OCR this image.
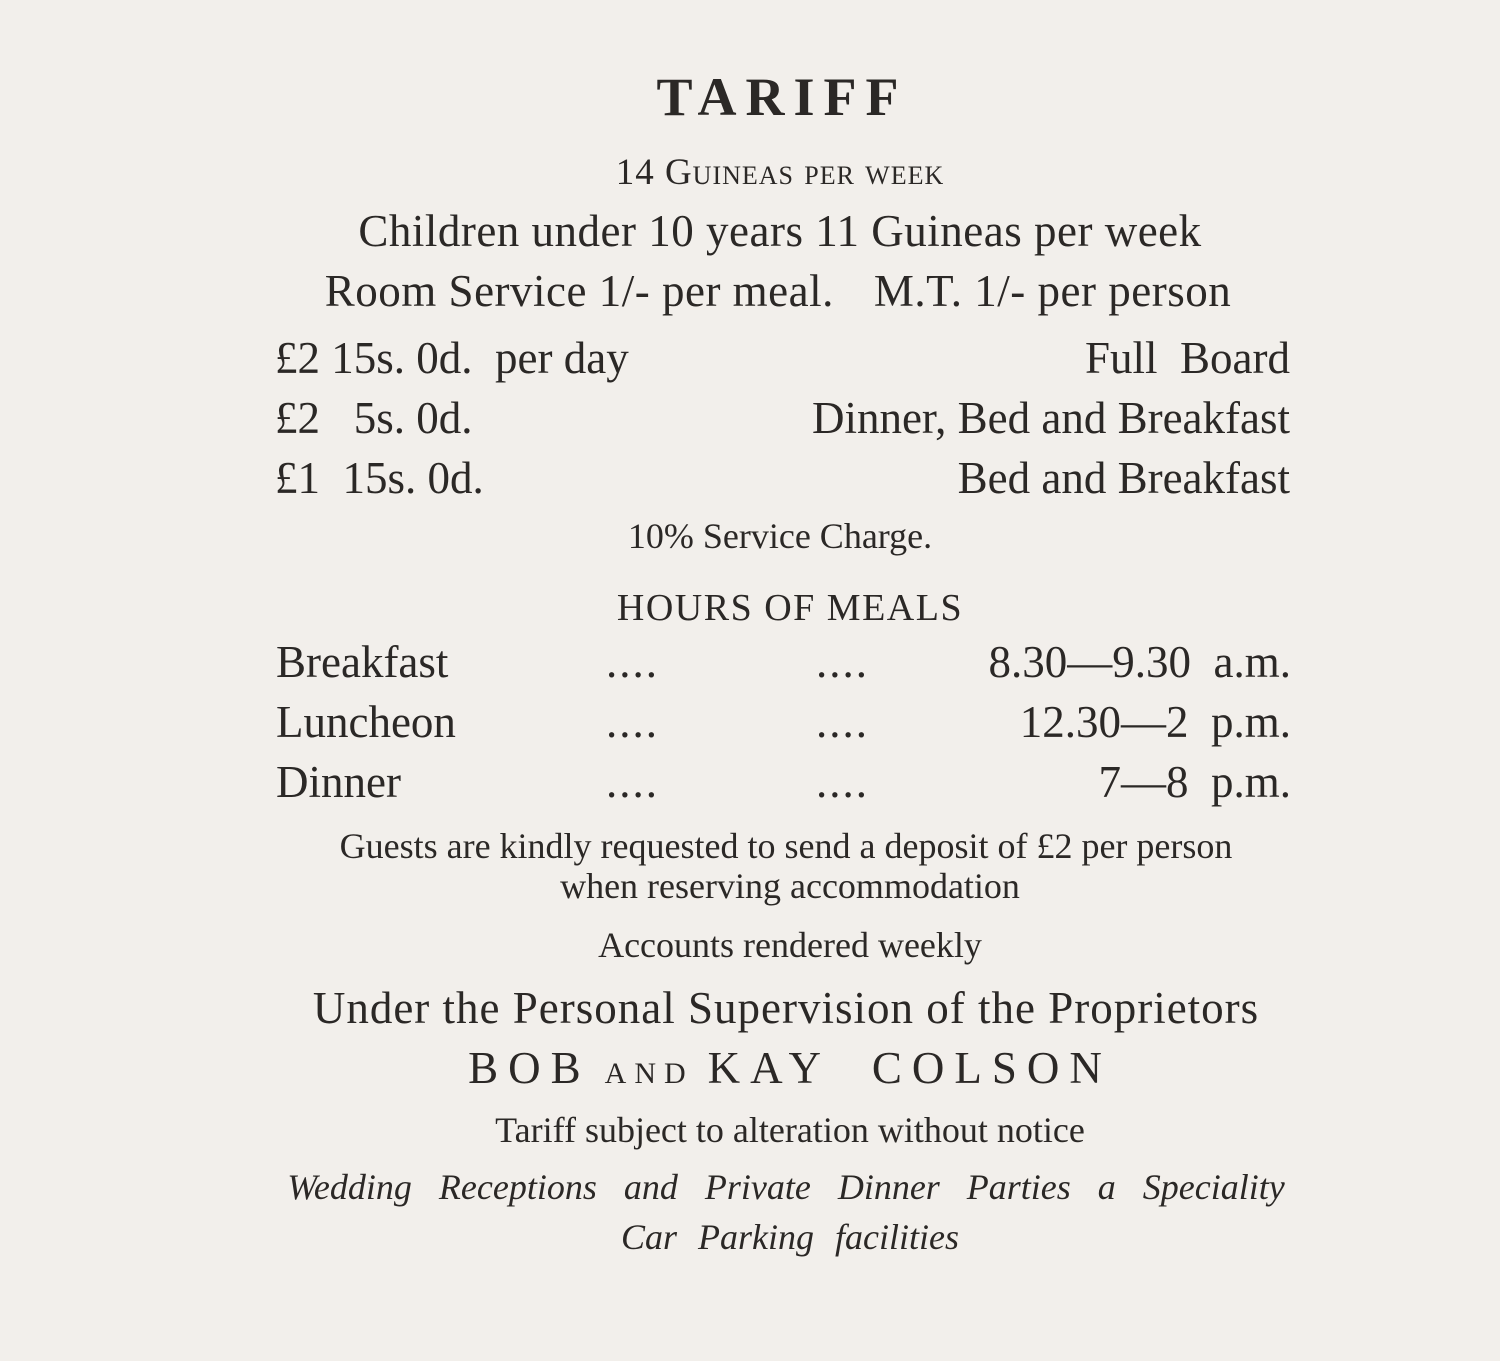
TARIFF
14 Guineas per week
Children under 10 years 11 Guineas per week
Room Service 1/- per meal. M.T. 1/- per person
£2 15s. 0d.  per day	Full  Board
£2   5s. 0d.	Dinner, Bed and Breakfast
£1  15s. 0d.	Bed and Breakfast
10% Service Charge.
HOURS OF MEALS
Breakfast	....	....	8.30—9.30  a.m.
Luncheon	....	....	12.30—2  p.m.
Dinner	....	....	7—8  p.m.
Guests are kindly requested to send a deposit of £2 per person
when reserving accommodation
Accounts rendered weekly
Under the Personal Supervision of the Proprietors
BOB AND KAY  COLSON
Tariff subject to alteration without notice
Wedding Receptions and Private Dinner Parties a Speciality
Car Parking facilities
